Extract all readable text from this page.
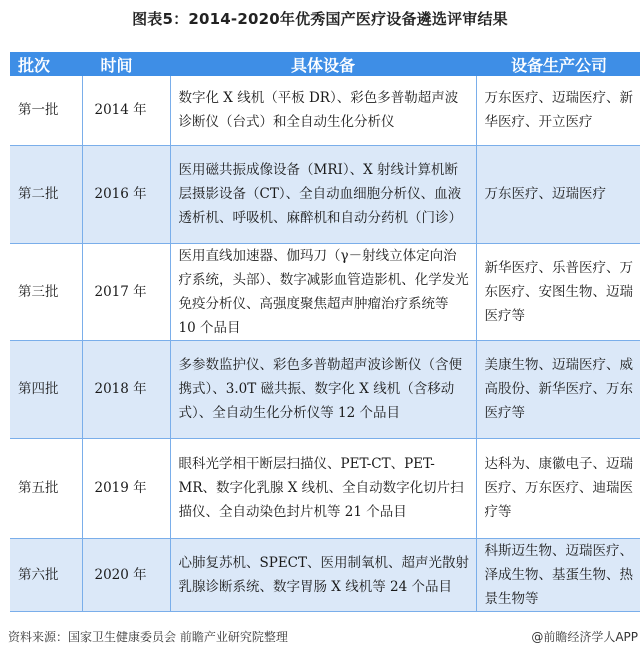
图表5：2014-2020年优秀国产医疗设备遴选评审结果
批次	时间	具体设备	设备生产公司
第一批	2014 年	数字化 X 线机（平板 DR）、彩色多普勒超声波诊断仪（台式）和全自动生化分析仪	万东医疗、迈瑞医疗、新华医疗、开立医疗
第二批	2016 年	医用磁共振成像设备（MRI）、X 射线计算机断层摄影设备（CT）、全自动血细胞分析仪、血液透析机、呼吸机、麻醉机和自动分药机（门诊）	万东医疗、迈瑞医疗
第三批	2017 年	医用直线加速器、伽玛刀（γ－射线立体定向治疗系统，头部）、数字减影血管造影机、化学发光免疫分析仪、高强度聚焦超声肿瘤治疗系统等 10 个品目	新华医疗、乐普医疗、万东医疗、安图生物、迈瑞医疗等
第四批	2018 年	多参数监护仪、彩色多普勒超声波诊断仪（含便携式）、3.0T 磁共振、数字化 X 线机（含移动式）、全自动生化分析仪等 12 个品目	美康生物、迈瑞医疗、威高股份、新华医疗、万东医疗等
第五批	2019 年	眼科光学相干断层扫描仪、PET-CT、PET-MR、数字化乳腺 X 线机、全自动数字化切片扫描仪、全自动染色封片机等 21 个品目	达科为、康徽电子、迈瑞医疗、万东医疗、迪瑞医疗等
第六批	2020 年	心肺复苏机、SPECT、医用制氧机、超声光散射乳腺诊断系统、数字胃肠 X 线机等 24 个品目	科斯迈生物、迈瑞医疗、泽成生物、基蛋生物、热景生物等
资料来源：国家卫生健康委员会 前瞻产业研究院整理	@前瞻经济学人APP
